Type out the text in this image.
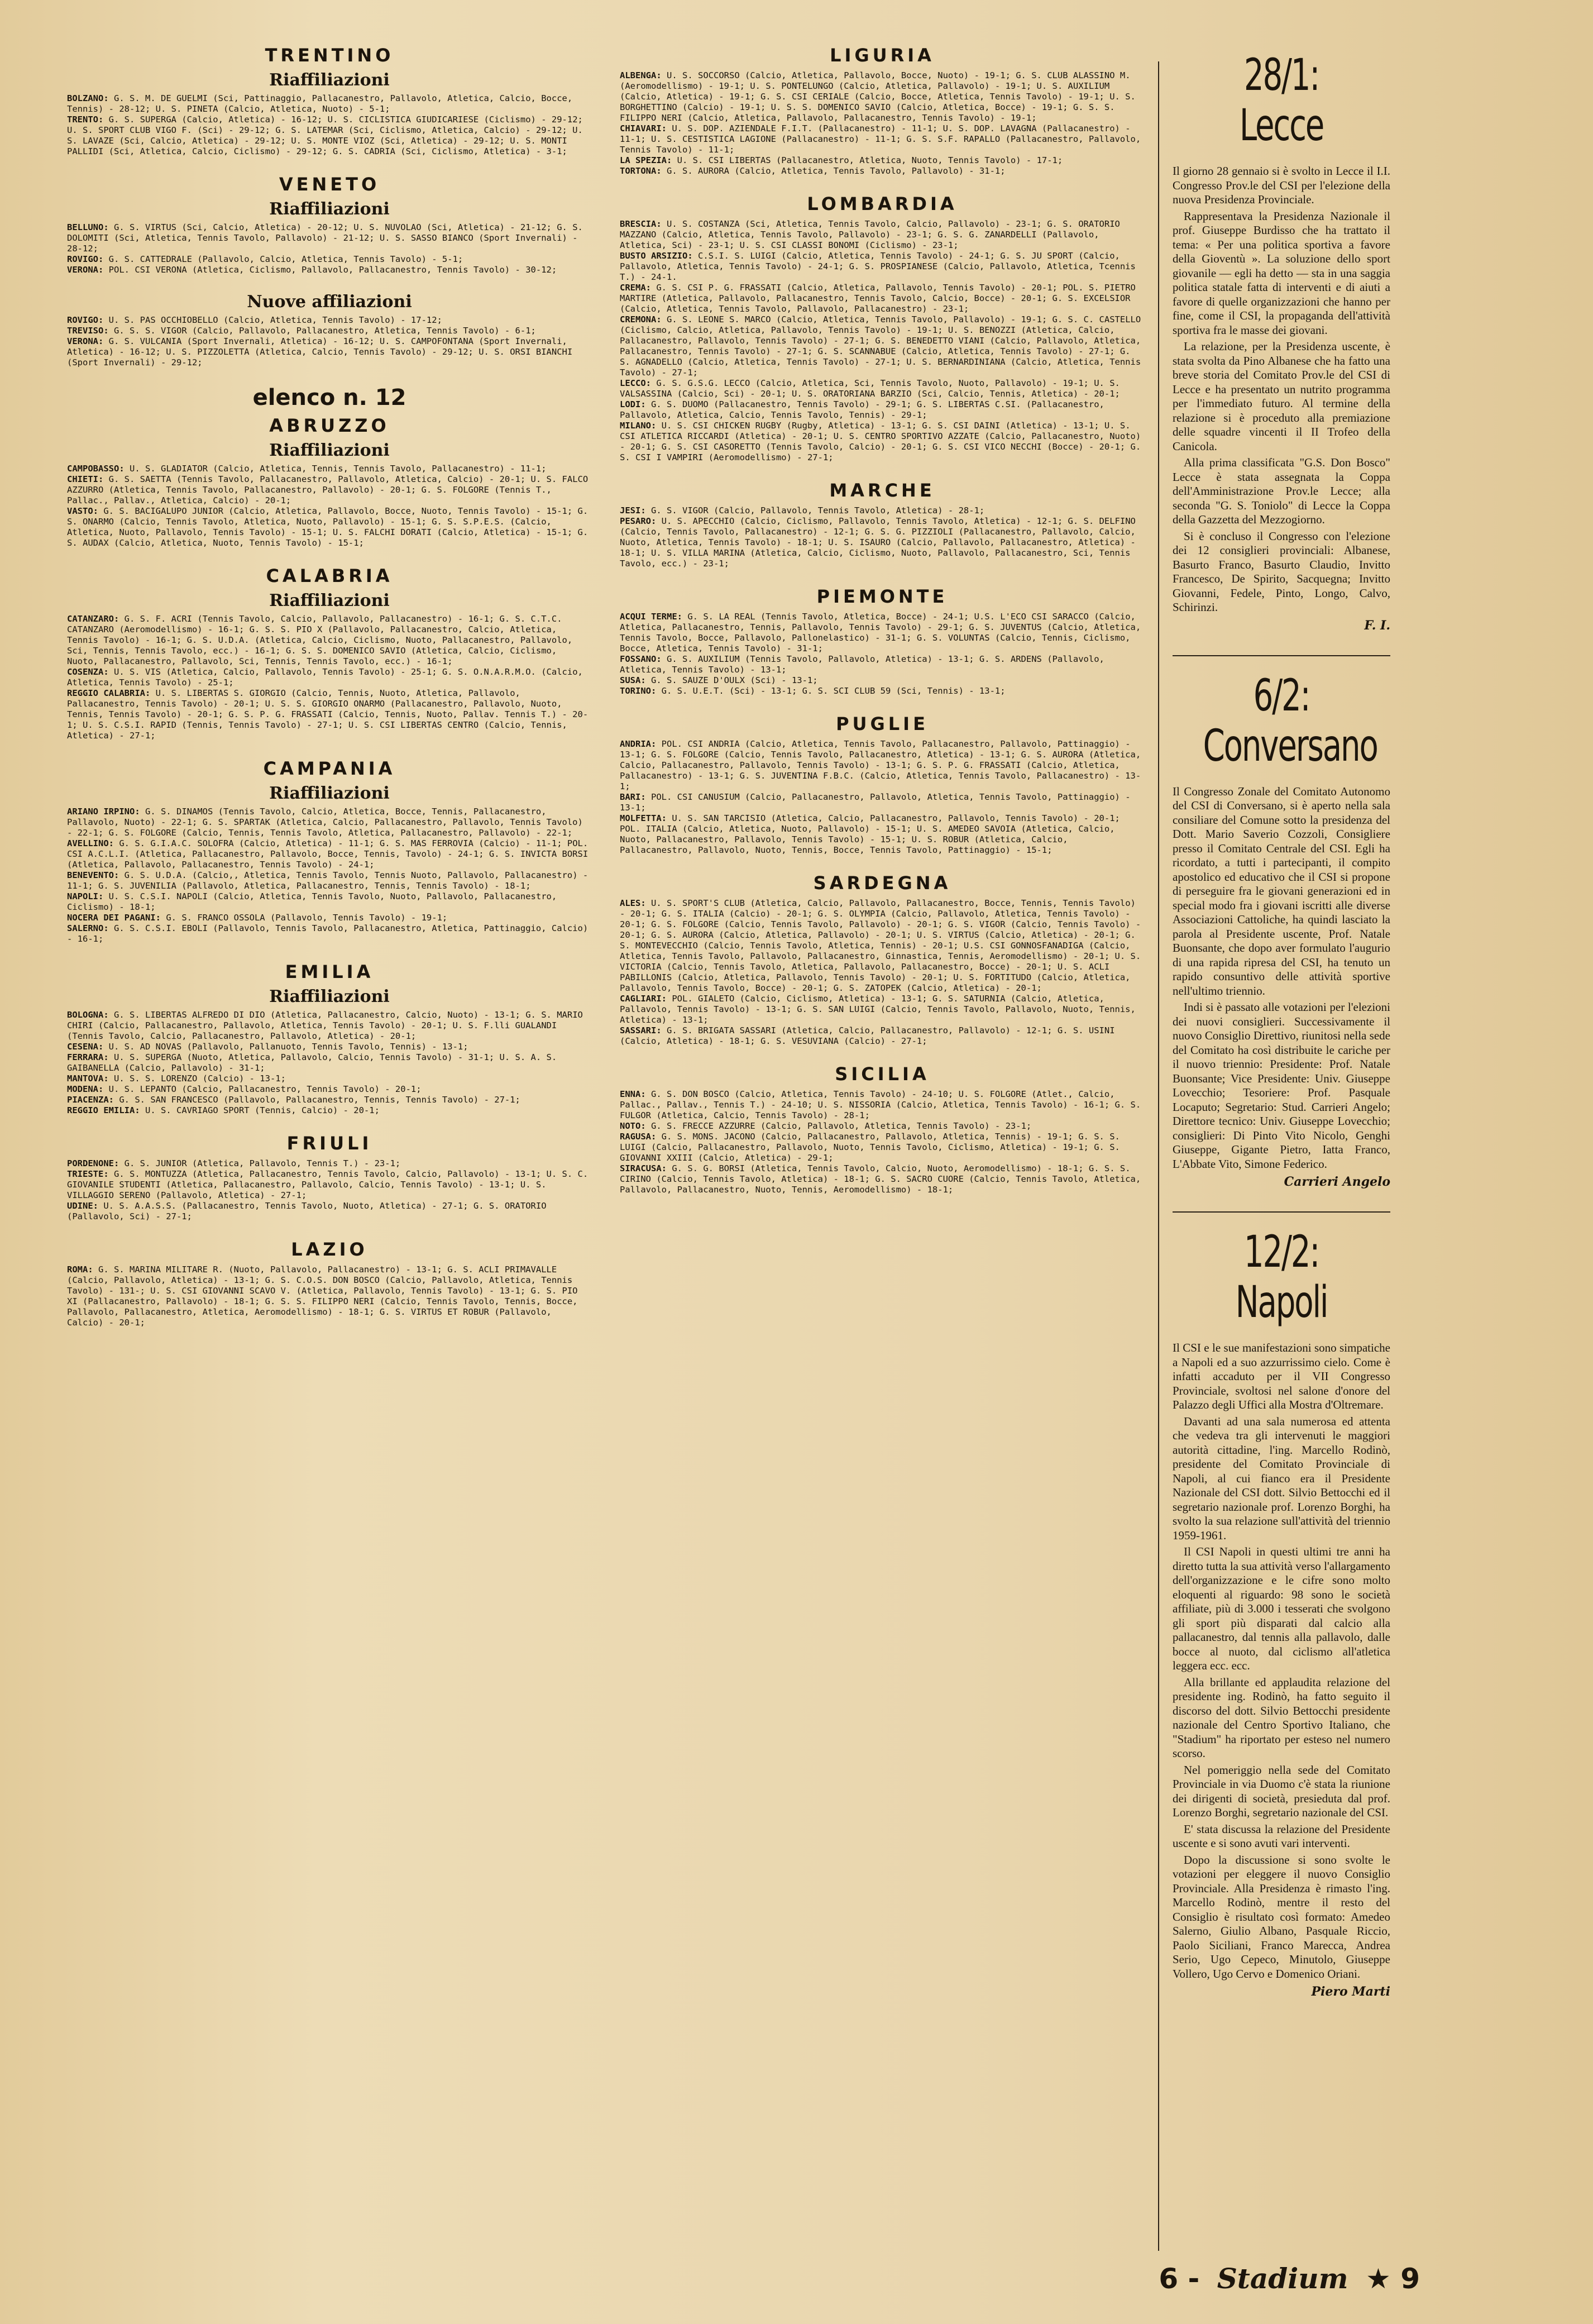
TRENTINO
Riaffiliazioni

BOLZANO: G. S. M. DE GUELMI (Sci, Pattinaggio, Pallacanestro, Pallavolo, Atletica, Calcio, Bocce, Tennis) - 28-12; U. S. PINETA (Calcio, Atletica, Nuoto) - 5-1;

TRENTO: G. S. SUPERGA (Calcio, Atletica) - 16-12; U. S. CICLISTICA GIUDICARIESE (Ciclismo) - 29-12; U. S. SPORT CLUB VIGO F. (Sci) - 29-12; G. S. LATEMAR (Sci, Ciclismo, Atletica, Calcio) - 29-12; U. S. LAVAZE (Sci, Calcio, Atletica) - 29-12; U. S. MONTE VIOZ (Sci, Atletica) - 29-12; U. S. MONTI PALLIDI (Sci, Atletica, Calcio, Ciclismo) - 29-12; G. S. CADRIA (Sci, Ciclismo, Atletica) - 3-1;

VENETO
Riaffiliazioni

BELLUNO: G. S. VIRTUS (Sci, Calcio, Atletica) - 20-12; U. S. NUVOLAO (Sci, Atletica) - 21-12; G. S. DOLOMITI (Sci, Atletica, Tennis Tavolo, Pallavolo) - 21-12; U. S. SASSO BIANCO (Sport Invernali) - 28-12;

ROVIGO: G. S. CATTEDRALE (Pallavolo, Calcio, Atletica, Tennis Tavolo) - 5-1;

VERONA: POL. CSI VERONA (Atletica, Ciclismo, Pallavolo, Pallacanestro, Tennis Tavolo) - 30-12;

Nuove affiliazioni

ROVIGO: U. S. PAS OCCHIOBELLO (Calcio, Atletica, Tennis Tavolo) - 17-12;

TREVISO: G. S. S. VIGOR (Calcio, Pallavolo, Pallacanestro, Atletica, Tennis Tavolo) - 6-1;

VERONA: G. S. VULCANIA (Sport Invernali, Atletica) - 16-12; U. S. CAMPOFONTANA (Sport Invernali, Atletica) - 16-12; U. S. PIZZOLETTA (Atletica, Calcio, Tennis Tavolo) - 29-12; U. S. ORSI BIANCHI (Sport Invernali) - 29-12;

elenco n. 12
ABRUZZO
Riaffiliazioni

CAMPOBASSO: U. S. GLADIATOR (Calcio, Atletica, Tennis, Tennis Tavolo, Pallacanestro) - 11-1;

CHIETI: G. S. SAETTA (Tennis Tavolo, Pallacanestro, Pallavolo, Atletica, Calcio) - 20-1; U. S. FALCO AZZURRO (Atletica, Tennis Tavolo, Pallacanestro, Pallavolo) - 20-1; G. S. FOLGORE (Tennis T., Pallac., Pallav., Atletica, Calcio) - 20-1;

VASTO: G. S. BACIGALUPO JUNIOR (Calcio, Atletica, Pallavolo, Bocce, Nuoto, Tennis Tavolo) - 15-1; G. S. ONARMO (Calcio, Tennis Tavolo, Atletica, Nuoto, Pallavolo) - 15-1; G. S. S.P.E.S. (Calcio, Atletica, Nuoto, Pallavolo, Tennis Tavolo) - 15-1; U. S. FALCHI DORATI (Calcio, Atletica) - 15-1; G. S. AUDAX (Calcio, Atletica, Nuoto, Tennis Tavolo) - 15-1;

CALABRIA
Riaffiliazioni

CATANZARO: G. S. F. ACRI (Tennis Tavolo, Calcio, Pallavolo, Pallacanestro) - 16-1; G. S. C.T.C. CATANZARO (Aeromodellismo) - 16-1; G. S. S. PIO X (Pallavolo, Pallacanestro, Calcio, Atletica, Tennis Tavolo) - 16-1; G. S. U.D.A. (Atletica, Calcio, Ciclismo, Nuoto, Pallacanestro, Pallavolo, Sci, Tennis, Tennis Tavolo, ecc.) - 16-1; G. S. S. DOMENICO SAVIO (Atletica, Calcio, Ciclismo, Nuoto, Pallacanestro, Pallavolo, Sci, Tennis, Tennis Tavolo, ecc.) - 16-1;

COSENZA: U. S. VIS (Atletica, Calcio, Pallavolo, Tennis Tavolo) - 25-1; G. S. O.N.A.R.M.O. (Calcio, Atletica, Tennis Tavolo) - 25-1;

REGGIO CALABRIA: U. S. LIBERTAS S. GIORGIO (Calcio, Tennis, Nuoto, Atletica, Pallavolo, Pallacanestro, Tennis Tavolo) - 20-1; U. S. S. GIORGIO ONARMO (Pallacanestro, Pallavolo, Nuoto, Tennis, Tennis Tavolo) - 20-1; G. S. P. G. FRASSATI (Calcio, Tennis, Nuoto, Pallav. Tennis T.) - 20-1; U. S. C.S.I. RAPID (Tennis, Tennis Tavolo) - 27-1; U. S. CSI LIBERTAS CENTRO (Calcio, Tennis, Atletica) - 27-1;

CAMPANIA
Riaffiliazioni

ARIANO IRPINO: G. S. DINAMOS (Tennis Tavolo, Calcio, Atletica, Bocce, Tennis, Pallacanestro, Pallavolo, Nuoto) - 22-1; G. S. SPARTAK (Atletica, Calcio, Pallacanestro, Pallavolo, Tennis Tavolo) - 22-1; G. S. FOLGORE (Calcio, Tennis, Tennis Tavolo, Atletica, Pallacanestro, Pallavolo) - 22-1;

AVELLINO: G. S. G.I.A.C. SOLOFRA (Calcio, Atletica) - 11-1; G. S. MAS FERROVIA (Calcio) - 11-1; POL. CSI A.C.L.I. (Atletica, Pallacanestro, Pallavolo, Bocce, Tennis, Tavolo) - 24-1; G. S. INVICTA BORSI (Atletica, Pallavolo, Pallacanestro, Tennis Tavolo) - 24-1;

BENEVENTO: G. S. U.D.A. (Calcio,, Atletica, Tennis Tavolo, Tennis Nuoto, Pallavolo, Pallacanestro) - 11-1; G. S. JUVENILIA (Pallavolo, Atletica, Pallacanestro, Tennis, Tennis Tavolo) - 18-1;

NAPOLI: U. S. C.S.I. NAPOLI (Calcio, Atletica, Tennis Tavolo, Nuoto, Pallavolo, Pallacanestro, Ciclismo) - 18-1;

NOCERA DEI PAGANI: G. S. FRANCO OSSOLA (Pallavolo, Tennis Tavolo) - 19-1;

SALERNO: G. S. C.S.I. EBOLI (Pallavolo, Tennis Tavolo, Pallacanestro, Atletica, Pattinaggio, Calcio) - 16-1;

EMILIA
Riaffiliazioni

BOLOGNA: G. S. LIBERTAS ALFREDO DI DIO (Atletica, Pallacanestro, Calcio, Nuoto) - 13-1; G. S. MARIO CHIRI (Calcio, Pallacanestro, Pallavolo, Atletica, Tennis Tavolo) - 20-1; U. S. F.lli GUALANDI (Tennis Tavolo, Calcio, Pallacanestro, Pallavolo, Atletica) - 20-1;

CESENA: U. S. AD NOVAS (Pallavolo, Pallanuoto, Tennis Tavolo, Tennis) - 13-1;

FERRARA: U. S. SUPERGA (Nuoto, Atletica, Pallavolo, Calcio, Tennis Tavolo) - 31-1; U. S. A. S. GAIBANELLA (Calcio, Pallavolo) - 31-1;

MANTOVA: U. S. S. LORENZO (Calcio) - 13-1;

MODENA: U. S. LEPANTO (Calcio, Pallacanestro, Tennis Tavolo) - 20-1;

PIACENZA: G. S. SAN FRANCESCO (Pallavolo, Pallacanestro, Tennis, Tennis Tavolo) - 27-1;

REGGIO EMILIA: U. S. CAVRIAGO SPORT (Tennis, Calcio) - 20-1;

FRIULI

PORDENONE: G. S. JUNIOR (Atletica, Pallavolo, Tennis T.) - 23-1;

TRIESTE: G. S. MONTUZZA (Atletica, Pallacanestro, Tennis Tavolo, Calcio, Pallavolo) - 13-1; U. S. C. GIOVANILE STUDENTI (Atletica, Pallacanestro, Pallavolo, Calcio, Tennis Tavolo) - 13-1; U. S. VILLAGGIO SERENO (Pallavolo, Atletica) - 27-1;

UDINE: U. S. A.A.S.S. (Pallacanestro, Tennis Tavolo, Nuoto, Atletica) - 27-1; G. S. ORATORIO (Pallavolo, Sci) - 27-1;

LAZIO

ROMA: G. S. MARINA MILITARE R. (Nuoto, Pallavolo, Pallacanestro) - 13-1; G. S. ACLI PRIMAVALLE (Calcio, Pallavolo, Atletica) - 13-1; G. S. C.O.S. DON BOSCO (Calcio, Pallavolo, Atletica, Tennis Tavolo) - 131-; U. S. CSI GIOVANNI SCAVO V. (Atletica, Pallavolo, Tennis Tavolo) - 13-1; G. S. PIO XI (Pallacanestro, Pallavolo) - 18-1; G. S. S. FILIPPO NERI (Calcio, Tennis Tavolo, Tennis, Bocce, Pallavolo, Pallacanestro, Atletica, Aeromodellismo) - 18-1; G. S. VIRTUS ET ROBUR (Pallavolo, Calcio) - 20-1;

LIGURIA

ALBENGA: U. S. SOCCORSO (Calcio, Atletica, Pallavolo, Bocce, Nuoto) - 19-1; G. S. CLUB ALASSINO M. (Aeromodellismo) - 19-1; U. S. PONTELUNGO (Calcio, Atletica, Pallavolo) - 19-1; U. S. AUXILIUM (Calcio, Atletica) - 19-1; G. S. CSI CERIALE (Calcio, Bocce, Atletica, Tennis Tavolo) - 19-1; U. S. BORGHETTINO (Calcio) - 19-1; U. S. S. DOMENICO SAVIO (Calcio, Atletica, Bocce) - 19-1; G. S. S. FILIPPO NERI (Calcio, Atletica, Pallavolo, Pallacanestro, Tennis Tavolo) - 19-1;

CHIAVARI: U. S. DOP. AZIENDALE F.I.T. (Pallacanestro) - 11-1; U. S. DOP. LAVAGNA (Pallacanestro) - 11-1; U. S. CESTISTICA LAGIONE (Pallacanestro) - 11-1; G. S. S.F. RAPALLO (Pallacanestro, Pallavolo, Tennis Tavolo) - 11-1;

LA SPEZIA: U. S. CSI LIBERTAS (Pallacanestro, Atletica, Nuoto, Tennis Tavolo) - 17-1;

TORTONA: G. S. AURORA (Calcio, Atletica, Tennis Tavolo, Pallavolo) - 31-1;

LOMBARDIA

BRESCIA: U. S. COSTANZA (Sci, Atletica, Tennis Tavolo, Calcio, Pallavolo) - 23-1; G. S. ORATORIO MAZZANO (Calcio, Atletica, Tennis Tavolo, Pallavolo) - 23-1; G. S. G. ZANARDELLI (Pallavolo, Atletica, Sci) - 23-1; U. S. CSI CLASSI BONOMI (Ciclismo) - 23-1;

BUSTO ARSIZIO: C.S.I. S. LUIGI (Calcio, Atletica, Tennis Tavolo) - 24-1; G. S. JU SPORT (Calcio, Pallavolo, Atletica, Tennis Tavolo) - 24-1; G. S. PROSPIANESE (Calcio, Pallavolo, Atletica, Tcennis T.) - 24-1.

CREMA: G. S. CSI P. G. FRASSATI (Calcio, Atletica, Pallavolo, Tennis Tavolo) - 20-1; POL. S. PIETRO MARTIRE (Atletica, Pallavolo, Pallacanestro, Tennis Tavolo, Calcio, Bocce) - 20-1; G. S. EXCELSIOR (Calcio, Atletica, Tennis Tavolo, Pallavolo, Pallacanestro) - 23-1;

CREMONA: G. S. LEONE S. MARCO (Calcio, Atletica, Tennis Tavolo, Pallavolo) - 19-1; G. S. C. CASTELLO (Ciclismo, Calcio, Atletica, Pallavolo, Tennis Tavolo) - 19-1; U. S. BENOZZI (Atletica, Calcio, Pallacanestro, Pallavolo, Tennis Tavolo) - 27-1; G. S. BENEDETTO VIANI (Calcio, Pallavolo, Atletica, Pallacanestro, Tennis Tavolo) - 27-1; G. S. SCANNABUE (Calcio, Atletica, Tennis Tavolo) - 27-1; G. S. AGNADELLO (Calcio, Atletica, Tennis Tavolo) - 27-1; U. S. BERNARDINIANA (Calcio, Atletica, Tennis Tavolo) - 27-1;

LECCO: G. S. G.S.G. LECCO (Calcio, Atletica, Sci, Tennis Tavolo, Nuoto, Pallavolo) - 19-1; U. S. VALSASSINA (Calcio, Sci) - 20-1; U. S. ORATORIANA BARZIO (Sci, Calcio, Tennis, Atletica) - 20-1;

LODI: G. S. DUOMO (Pallacanestro, Tennis Tavolo) - 29-1; G. S. LIBERTAS C.SI. (Pallacanestro, Pallavolo, Atletica, Calcio, Tennis Tavolo, Tennis) - 29-1;

MILANO: U. S. CSI CHICKEN RUGBY (Rugby, Atletica) - 13-1; G. S. CSI DAINI (Atletica) - 13-1; U. S. CSI ATLETICA RICCARDI (Atletica) - 20-1; U. S. CENTRO SPORTIVO AZZATE (Calcio, Pallacanestro, Nuoto) - 20-1; G. S. CSI CASORETTO (Tennis Tavolo, Calcio) - 20-1; G. S. CSI VICO NECCHI (Bocce) - 20-1; G. S. CSI I VAMPIRI (Aeromodellismo) - 27-1;

MARCHE

JESI: G. S. VIGOR (Calcio, Pallavolo, Tennis Tavolo, Atletica) - 28-1;

PESARO: U. S. APECCHIO (Calcio, Ciclismo, Pallavolo, Tennis Tavolo, Atletica) - 12-1; G. S. DELFINO (Calcio, Tennis Tavolo, Pallacanestro) - 12-1; G. S. G. PIZZIOLI (Pallacanestro, Pallavolo, Calcio, Nuoto, Atletica, Tennis Tavolo) - 18-1; U. S. ISAURO (Calcio, Pallavolo, Pallacanestro, Atletica) - 18-1; U. S. VILLA MARINA (Atletica, Calcio, Ciclismo, Nuoto, Pallavolo, Pallacanestro, Sci, Tennis Tavolo, ecc.) - 23-1;

PIEMONTE

ACQUI TERME: G. S. LA REAL (Tennis Tavolo, Atletica, Bocce) - 24-1; U.S. L'ECO CSI SARACCO (Calcio, Atletica, Pallacanestro, Tennis, Pallavolo, Tennis Tavolo) - 29-1; G. S. JUVENTUS (Calcio, Atletica, Tennis Tavolo, Bocce, Pallavolo, Pallonelastico) - 31-1; G. S. VOLUNTAS (Calcio, Tennis, Ciclismo, Bocce, Atletica, Tennis Tavolo) - 31-1;

FOSSANO: G. S. AUXILIUM (Tennis Tavolo, Pallavolo, Atletica) - 13-1; G. S. ARDENS (Pallavolo, Atletica, Tennis Tavolo) - 13-1;

SUSA: G. S. SAUZE D'OULX (Sci) - 13-1;

TORINO: G. S. U.E.T. (Sci) - 13-1; G. S. SCI CLUB 59 (Sci, Tennis) - 13-1;

PUGLIE

ANDRIA: POL. CSI ANDRIA (Calcio, Atletica, Tennis Tavolo, Pallacanestro, Pallavolo, Pattinaggio) - 13-1; G. S. FOLGORE (Calcio, Tennis Tavolo, Pallacanestro, Atletica) - 13-1; G. S. AURORA (Atletica, Calcio, Pallacanestro, Pallavolo, Tennis Tavolo) - 13-1; G. S. P. G. FRASSATI (Calcio, Atletica, Pallacanestro) - 13-1; G. S. JUVENTINA F.B.C. (Calcio, Atletica, Tennis Tavolo, Pallacanestro) - 13-1;

BARI: POL. CSI CANUSIUM (Calcio, Pallacanestro, Pallavolo, Atletica, Tennis Tavolo, Pattinaggio) - 13-1;

MOLFETTA: U. S. SAN TARCISIO (Atletica, Calcio, Pallacanestro, Pallavolo, Tennis Tavolo) - 20-1; POL. ITALIA (Calcio, Atletica, Nuoto, Pallavolo) - 15-1; U. S. AMEDEO SAVOIA (Atletica, Calcio, Nuoto, Pallacanestro, Pallavolo, Tennis Tavolo) - 15-1; U. S. ROBUR (Atletica, Calcio, Pallacanestro, Pallavolo, Nuoto, Tennis, Bocce, Tennis Tavolo, Pattinaggio) - 15-1;

SARDEGNA

ALES: U. S. SPORT'S CLUB (Atletica, Calcio, Pallavolo, Pallacanestro, Bocce, Tennis, Tennis Tavolo) - 20-1; G. S. ITALIA (Calcio) - 20-1; G. S. OLYMPIA (Calcio, Pallavolo, Atletica, Tennis Tavolo) - 20-1; G. S. FOLGORE (Calcio, Tennis Tavolo, Pallavolo) - 20-1; G. S. VIGOR (Calcio, Tennis Tavolo) - 20-1; G. S. AURORA (Calcio, Atletica, Pallavolo) - 20-1; U. S. VIRTUS (Calcio, Atletica) - 20-1; G. S. MONTEVECCHIO (Calcio, Tennis Tavolo, Atletica, Tennis) - 20-1; U.S. CSI GONNOSFANADIGA (Calcio, Atletica, Tennis Tavolo, Pallavolo, Pallacanestro, Ginnastica, Tennis, Aeromodellismo) - 20-1; U. S. VICTORIA (Calcio, Tennis Tavolo, Atletica, Pallavolo, Pallacanestro, Bocce) - 20-1; U. S. ACLI PABILLONIS (Calcio, Atletica, Pallavolo, Tennis Tavolo) - 20-1; U. S. FORTITUDO (Calcio, Atletica, Pallavolo, Tennis Tavolo, Bocce) - 20-1; G. S. ZATOPEK (Calcio, Atletica) - 20-1;

CAGLIARI: POL. GIALETO (Calcio, Ciclismo, Atletica) - 13-1; G. S. SATURNIA (Calcio, Atletica, Pallavolo, Tennis Tavolo) - 13-1; G. S. SAN LUIGI (Calcio, Tennis Tavolo, Pallavolo, Nuoto, Tennis, Atletica) - 13-1;

SASSARI: G. S. BRIGATA SASSARI (Atletica, Calcio, Pallacanestro, Pallavolo) - 12-1; G. S. USINI (Calcio, Atletica) - 18-1; G. S. VESUVIANA (Calcio) - 27-1;

SICILIA

ENNA: G. S. DON BOSCO (Calcio, Atletica, Tennis Tavolo) - 24-10; U. S. FOLGORE (Atlet., Calcio, Pallac., Pallav., Tennis T.) - 24-10; U. S. NISSORIA (Calcio, Atletica, Tennis Tavolo) - 16-1; G. S. FULGOR (Atletica, Calcio, Tennis Tavolo) - 28-1;

NOTO: G. S. FRECCE AZZURRE (Calcio, Pallavolo, Atletica, Tennis Tavolo) - 23-1;

RAGUSA: G. S. MONS. JACONO (Calcio, Pallacanestro, Pallavolo, Atletica, Tennis) - 19-1; G. S. S. LUIGI (Calcio, Pallacanestro, Pallavolo, Nuoto, Tennis Tavolo, Ciclismo, Atletica) - 19-1; G. S. GIOVANNI XXIII (Calcio, Atletica) - 29-1;

SIRACUSA: G. S. G. BORSI (Atletica, Tennis Tavolo, Calcio, Nuoto, Aeromodellismo) - 18-1; G. S. S. CIRINO (Calcio, Tennis Tavolo, Atletica) - 18-1; G. S. SACRO CUORE (Calcio, Tennis Tavolo, Atletica, Pallavolo, Pallacanestro, Nuoto, Tennis, Aeromodellismo) - 18-1;

28/1: Lecce

Il giorno 28 gennaio si è svolto in Lecce il I.I. Congresso Prov.le del CSI per l'elezione della nuova Presidenza Provinciale.

Rappresentava la Presidenza Nazionale il prof. Giuseppe Burdisso che ha trattato il tema: « Per una politica sportiva a favore della Gioventù ». La soluzione dello sport giovanile — egli ha detto — sta in una saggia politica statale fatta di interventi e di aiuti a favore di quelle organizzazioni che hanno per fine, come il CSI, la propaganda dell'attività sportiva fra le masse dei giovani.

La relazione, per la Presidenza uscente, è stata svolta da Pino Albanese che ha fatto una breve storia del Comitato Prov.le del CSI di Lecce e ha presentato un nutrito programma per l'immediato futuro. Al termine della relazione si è proceduto alla premiazione delle squadre vincenti il II Trofeo della Canicola.

Alla prima classificata "G.S. Don Bosco" Lecce è stata assegnata la Coppa dell'Amministrazione Prov.le Lecce; alla seconda "G. S. Toniolo" di Lecce la Coppa della Gazzetta del Mezzogiorno.

Si è concluso il Congresso con l'elezione dei 12 consiglieri provinciali: Albanese, Basurto Franco, Basurto Claudio, Invitto Francesco, De Spirito, Sacquegna; Invitto Giovanni, Fedele, Pinto, Longo, Calvo, Schirinzi.

F. I.
6/2: Conversano

Il Congresso Zonale del Comitato Autonomo del CSI di Conversano, si è aperto nella sala consiliare del Comune sotto la presidenza del Dott. Mario Saverio Cozzoli, Consigliere presso il Comitato Centrale del CSI. Egli ha ricordato, a tutti i partecipanti, il compito apostolico ed educativo che il CSI si propone di perseguire fra le giovani generazioni ed in special modo fra i giovani iscritti alle diverse Associazioni Cattoliche, ha quindi lasciato la parola al Presidente uscente, Prof. Natale Buonsante, che dopo aver formulato l'augurio di una rapida ripresa del CSI, ha tenuto un rapido consuntivo delle attività sportive nell'ultimo triennio.

Indi si è passato alle votazioni per l'elezioni dei nuovi consiglieri. Successivamente il nuovo Consiglio Direttivo, riunitosi nella sede del Comitato ha così distribuite le cariche per il nuovo triennio: Presidente: Prof. Natale Buonsante; Vice Presidente: Univ. Giuseppe Lovecchio; Tesoriere: Prof. Pasquale Locaputo; Segretario: Stud. Carrieri Angelo; Direttore tecnico: Univ. Giuseppe Lovecchio; consiglieri: Di Pinto Vito Nicolo, Genghi Giuseppe, Gigante Pietro, Iatta Franco, L'Abbate Vito, Simone Federico.

Carrieri Angelo
12/2: Napoli

Il CSI e le sue manifestazioni sono simpatiche a Napoli ed a suo azzurrissimo cielo. Come è infatti accaduto per il VII Congresso Provinciale, svoltosi nel salone d'onore del Palazzo degli Uffici alla Mostra d'Oltremare.

Davanti ad una sala numerosa ed attenta che vedeva tra gli intervenuti le maggiori autorità cittadine, l'ing. Marcello Rodinò, presidente del Comitato Provinciale di Napoli, al cui fianco era il Presidente Nazionale del CSI dott. Silvio Bettocchi ed il segretario nazionale prof. Lorenzo Borghi, ha svolto la sua relazione sull'attività del triennio 1959-1961.

Il CSI Napoli in questi ultimi tre anni ha diretto tutta la sua attività verso l'allargamento dell'organizzazione e le cifre sono molto eloquenti al riguardo: 98 sono le società affiliate, più di 3.000 i tesserati che svolgono gli sport più disparati dal calcio alla pallacanestro, dal tennis alla pallavolo, dalle bocce al nuoto, dal ciclismo all'atletica leggera ecc. ecc.

Alla brillante ed applaudita relazione del presidente ing. Rodinò, ha fatto seguito il discorso del dott. Silvio Bettocchi presidente nazionale del Centro Sportivo Italiano, che "Stadium" ha riportato per esteso nel numero scorso.

Nel pomeriggio nella sede del Comitato Provinciale in via Duomo c'è stata la riunione dei dirigenti di società, presieduta dal prof. Lorenzo Borghi, segretario nazionale del CSI.

E' stata discussa la relazione del Presidente uscente e si sono avuti vari interventi.

Dopo la discussione si sono svolte le votazioni per eleggere il nuovo Consiglio Provinciale. Alla Presidenza è rimasto l'ing. Marcello Rodinò, mentre il resto del Consiglio è risultato così formato: Amedeo Salerno, Giulio Albano, Pasquale Riccio, Paolo Siciliani, Franco Marecca, Andrea Serio, Ugo Cepeco, Minutolo, Giuseppe Vollero, Ugo Cervo e Domenico Oriani.

Piero Marti
6 - Stadium ★ 9
